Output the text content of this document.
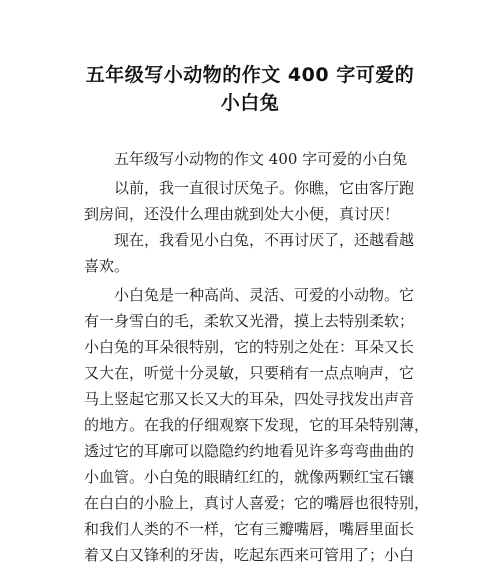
五年级写小动物的作文 400 字可爱的
小白兔
　　五年级写小动物的作文 400 字可爱的小白兔
　　以前，我一直很讨厌兔子。你瞧，它由客厅跑
到房间，还没什么理由就到处大小便，真讨厌！
　　现在，我看见小白兔，不再讨厌了，还越看越
喜欢。
　　小白兔是一种高尚、灵活、可爱的小动物。它
有一身雪白的毛，柔软又光滑，摸上去特别柔软；
小白兔的耳朵很特别，它的特别之处在：耳朵又长
又大在，听觉十分灵敏，只要稍有一点点响声，它
马上竖起它那又长又大的耳朵，四处寻找发出声音
的地方。在我的仔细观察下发现，它的耳朵特别薄，
透过它的耳廓可以隐隐约约地看见许多弯弯曲曲的
小血管。小白兔的眼睛红红的，就像两颗红宝石镶
在白白的小脸上，真讨人喜爱；它的嘴唇也很特别，
和我们人类的不一样，它有三瓣嘴唇，嘴唇里面长
着又白又锋利的牙齿，吃起东西来可管用了；小白
